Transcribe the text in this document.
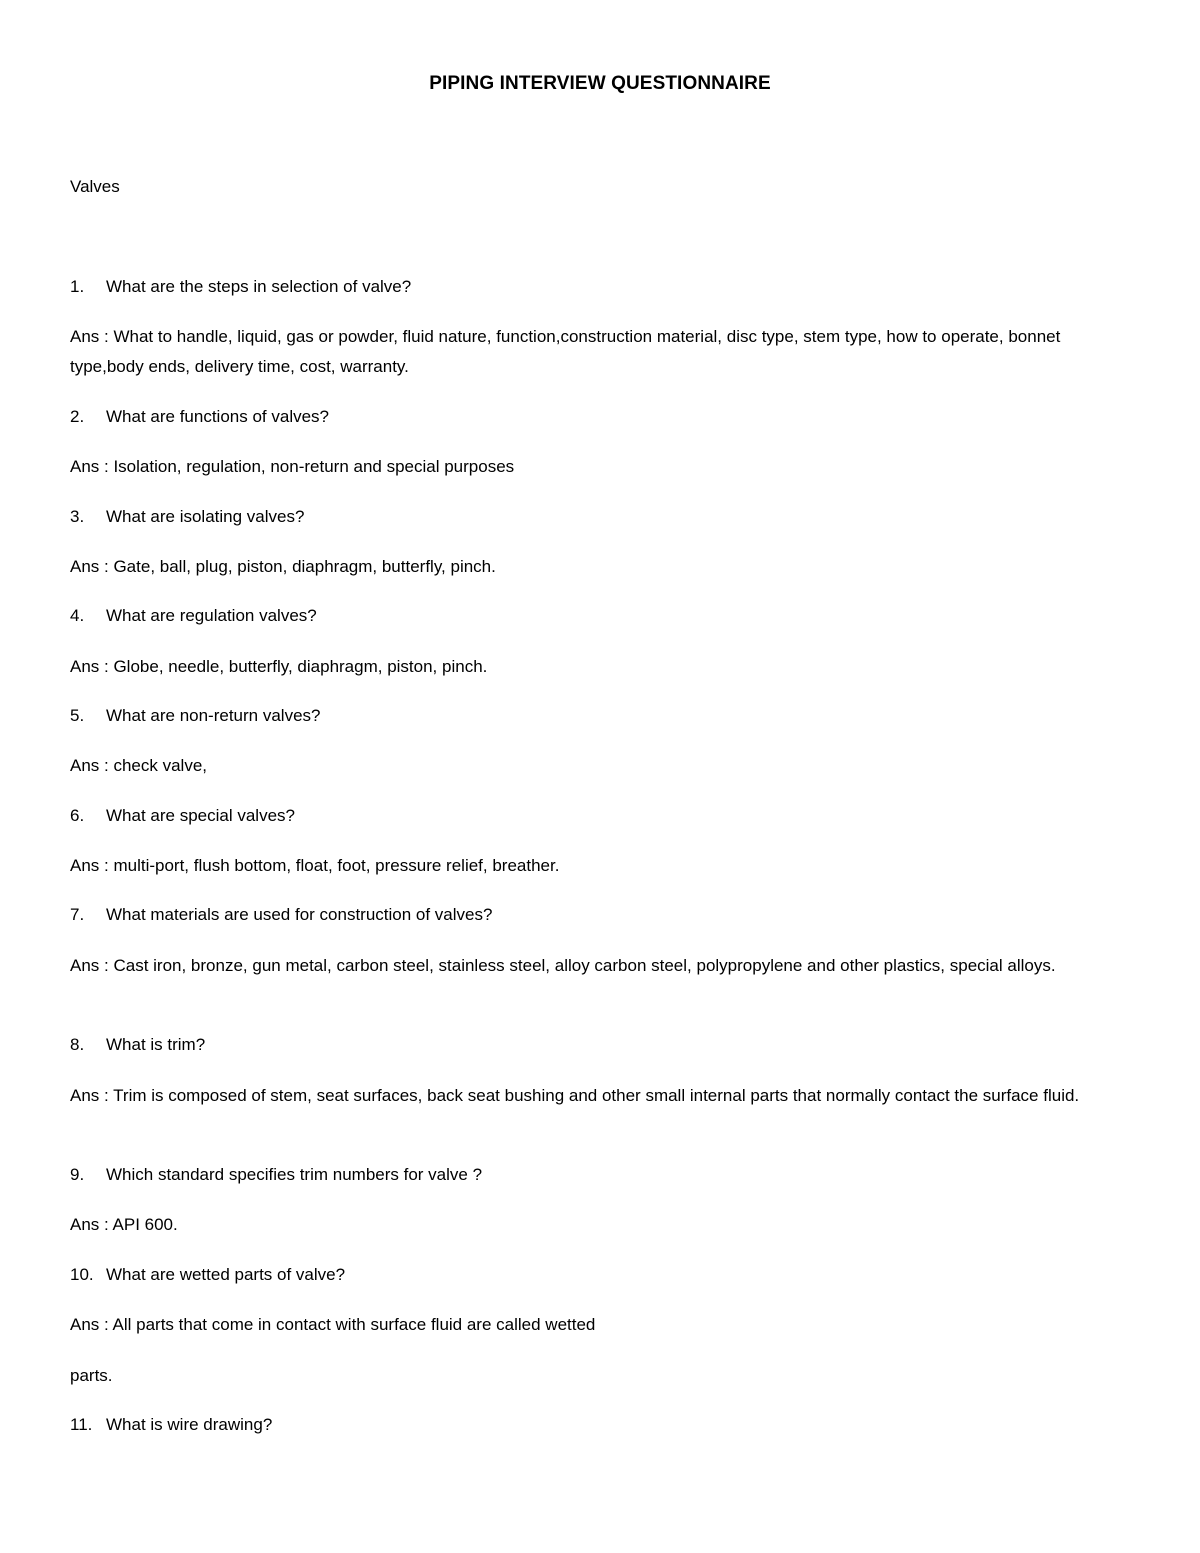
PIPING INTERVIEW QUESTIONNAIRE
Valves
1. What are the steps in selection of valve?
Ans : What to handle, liquid, gas or powder, fluid nature, function,construction material, disc type, stem type, how to operate, bonnet type,body ends, delivery time, cost, warranty.
2. What are functions of valves?
Ans : Isolation, regulation, non-return and special purposes
3. What are isolating valves?
Ans : Gate, ball, plug, piston, diaphragm, butterfly, pinch.
4. What are regulation valves?
Ans : Globe, needle, butterfly, diaphragm, piston, pinch.
5. What are non-return valves?
Ans : check valve,
6. What are special valves?
Ans : multi-port, flush bottom, float, foot, pressure relief, breather.
7. What materials are used for construction of valves?
Ans : Cast iron, bronze, gun metal, carbon steel, stainless steel, alloy carbon steel, polypropylene and other plastics, special alloys.
8. What is trim?
Ans : Trim is composed of stem, seat surfaces, back seat bushing and other small internal parts that normally contact the surface fluid.
9. Which standard specifies trim numbers for valve ?
Ans : API 600.
10. What are wetted parts of valve?
Ans : All parts that come in contact with surface fluid are called wetted
parts.
11. What is wire drawing?
